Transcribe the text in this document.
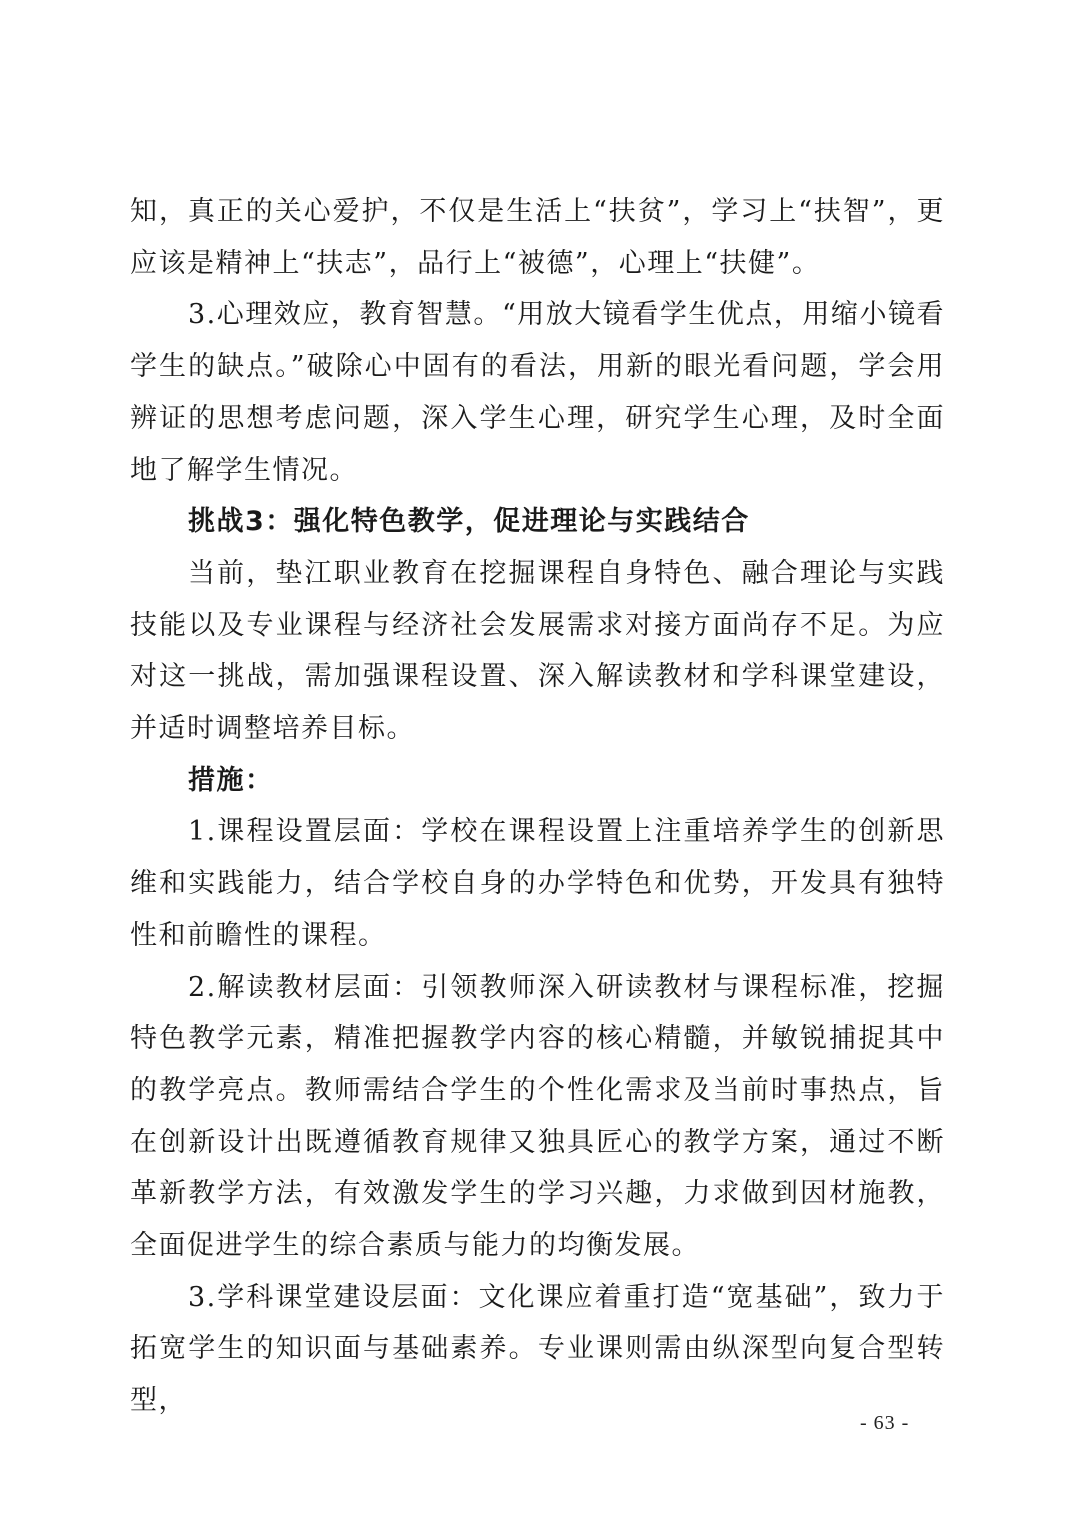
知，真正的关心爱护，不仅是生活上“扶贫”，学习上“扶智”，更应该是精神上“扶志”，品行上“被德”，心理上“扶健”。

3.心理效应，教育智慧。“用放大镜看学生优点，用缩小镜看学生的缺点。”破除心中固有的看法，用新的眼光看问题，学会用辨证的思想考虑问题，深入学生心理，研究学生心理，及时全面地了解学生情况。

挑战3：强化特色教学，促进理论与实践结合

当前，垫江职业教育在挖掘课程自身特色、融合理论与实践技能以及专业课程与经济社会发展需求对接方面尚存不足。为应对这一挑战，需加强课程设置、深入解读教材和学科课堂建设，并适时调整培养目标。

措施：

1.课程设置层面：学校在课程设置上注重培养学生的创新思维和实践能力，结合学校自身的办学特色和优势，开发具有独特性和前瞻性的课程。

2.解读教材层面：引领教师深入研读教材与课程标准，挖掘特色教学元素，精准把握教学内容的核心精髓，并敏锐捕捉其中的教学亮点。教师需结合学生的个性化需求及当前时事热点，旨在创新设计出既遵循教育规律又独具匠心的教学方案，通过不断革新教学方法，有效激发学生的学习兴趣，力求做到因材施教，全面促进学生的综合素质与能力的均衡发展。

3.学科课堂建设层面：文化课应着重打造“宽基础”，致力于拓宽学生的知识面与基础素养。专业课则需由纵深型向复合型转型，

- 63 -
